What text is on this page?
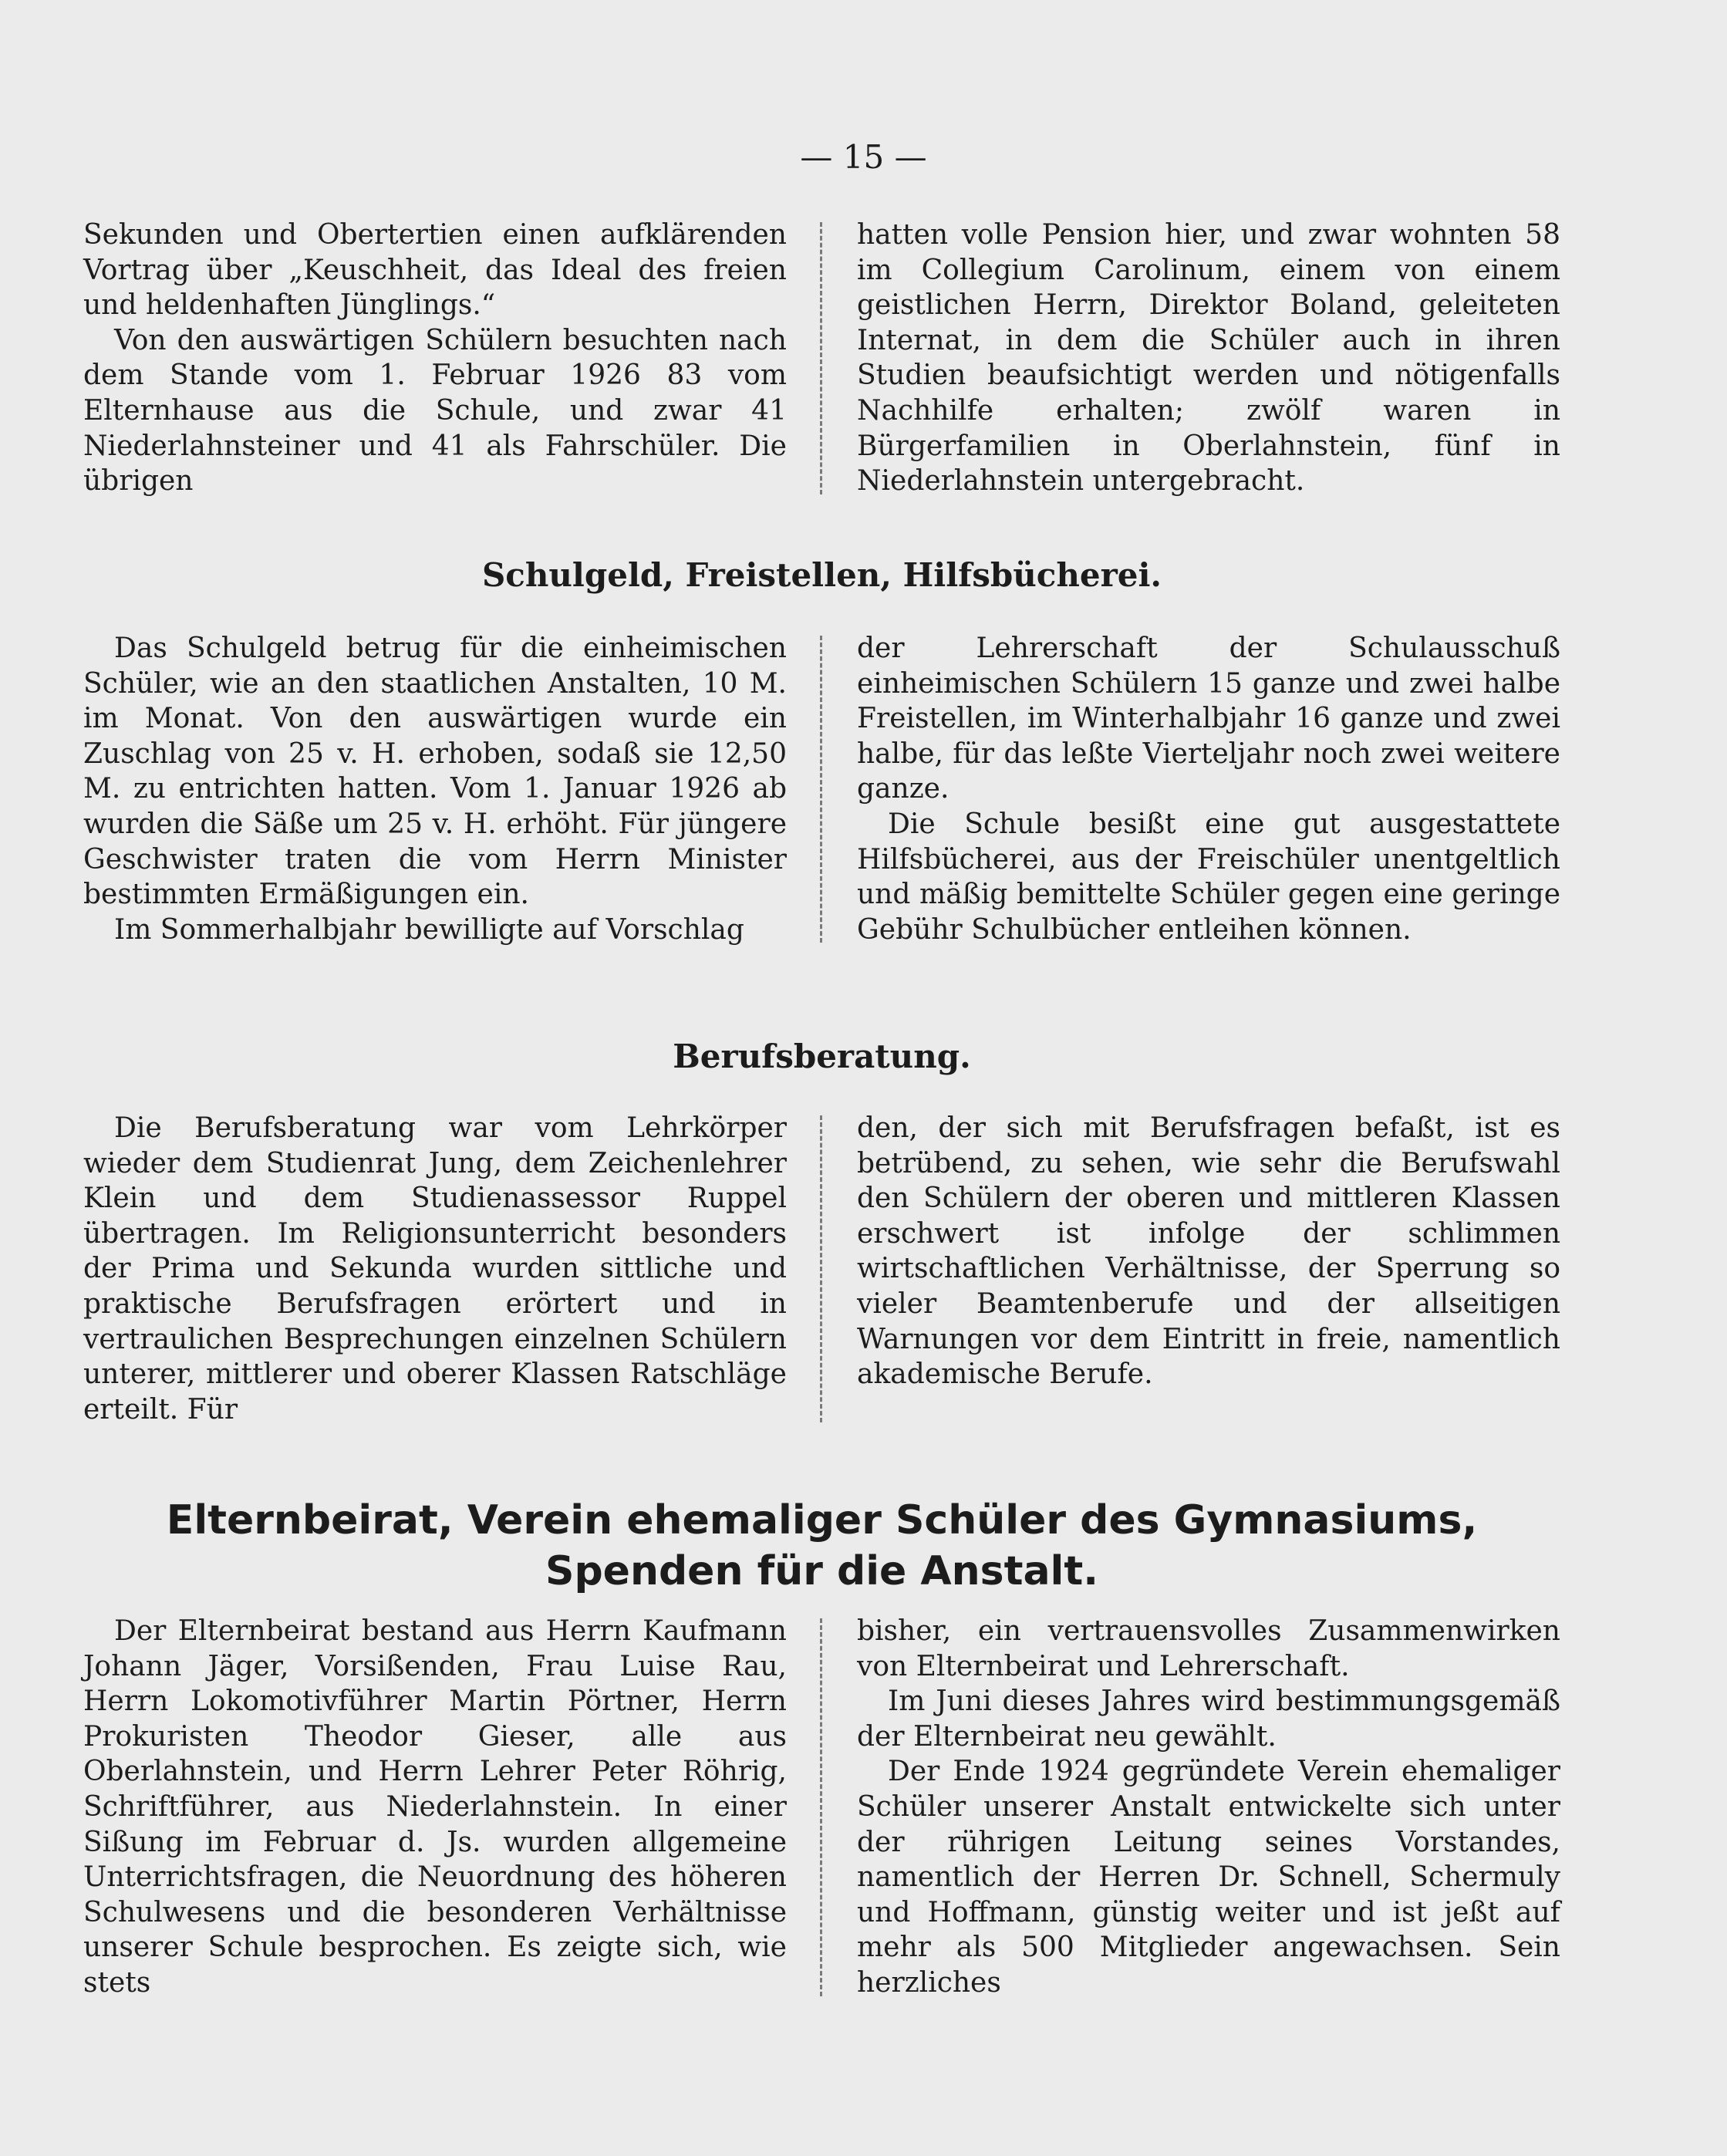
— 15 —

Sekunden und Obertertien einen aufklärenden Vortrag über „Keuschheit, das Ideal des freien und heldenhaften Jünglings.“

Von den auswärtigen Schülern besuchten nach dem Stande vom 1. Februar 1926 83 vom Elternhause aus die Schule, und zwar 41 Niederlahnsteiner und 41 als Fahrschüler. Die übrigen

hatten volle Pension hier, und zwar wohnten 58 im Collegium Carolinum, einem von einem geistlichen Herrn, Direktor Boland, geleiteten Internat, in dem die Schüler auch in ihren Studien beaufsichtigt werden und nötigenfalls Nachhilfe erhalten; zwölf waren in Bürgerfamilien in Oberlahnstein, fünf in Niederlahnstein untergebracht.

Schulgeld, Freistellen, Hilfsbücherei.

Das Schulgeld betrug für die einheimischen Schüler, wie an den staatlichen Anstalten, 10 M. im Monat. Von den auswärtigen wurde ein Zuschlag von 25 v. H. erhoben, sodaß sie 12,50 M. zu entrichten hatten. Vom 1. Januar 1926 ab wurden die Säße um 25 v. H. erhöht. Für jüngere Geschwister traten die vom Herrn Minister bestimmten Ermäßigungen ein.

Im Sommerhalbjahr bewilligte auf Vorschlag

der Lehrerschaft der Schulausschuß einheimischen Schülern 15 ganze und zwei halbe Freistellen, im Winterhalbjahr 16 ganze und zwei halbe, für das leßte Vierteljahr noch zwei weitere ganze.

Die Schule besißt eine gut ausgestattete Hilfsbücherei, aus der Freischüler unentgeltlich und mäßig bemittelte Schüler gegen eine geringe Gebühr Schulbücher entleihen können.

Berufsberatung.

Die Berufsberatung war vom Lehrkörper wieder dem Studienrat Jung, dem Zeichenlehrer Klein und dem Studienassessor Ruppel übertragen. Im Religionsunterricht besonders der Prima und Sekunda wurden sittliche und praktische Berufsfragen erörtert und in vertraulichen Besprechungen einzelnen Schülern unterer, mittlerer und oberer Klassen Ratschläge erteilt. Für

den, der sich mit Berufsfragen befaßt, ist es betrübend, zu sehen, wie sehr die Berufswahl den Schülern der oberen und mittleren Klassen erschwert ist infolge der schlimmen wirtschaftlichen Verhältnisse, der Sperrung so vieler Beamtenberufe und der allseitigen Warnungen vor dem Eintritt in freie, namentlich akademische Berufe.

Elternbeirat, Verein ehemaliger Schüler des Gymnasiums,
Spenden für die Anstalt.

Der Elternbeirat bestand aus Herrn Kaufmann Johann Jäger, Vorsißenden, Frau Luise Rau, Herrn Lokomotivführer Martin Pörtner, Herrn Prokuristen Theodor Gieser, alle aus Oberlahnstein, und Herrn Lehrer Peter Röhrig, Schriftführer, aus Niederlahnstein. In einer Sißung im Februar d. Js. wurden allgemeine Unterrichtsfragen, die Neuordnung des höheren Schulwesens und die besonderen Verhältnisse unserer Schule besprochen. Es zeigte sich, wie stets

bisher, ein vertrauensvolles Zusammenwirken von Elternbeirat und Lehrerschaft.

Im Juni dieses Jahres wird bestimmungsgemäß der Elternbeirat neu gewählt.

Der Ende 1924 gegründete Verein ehemaliger Schüler unserer Anstalt entwickelte sich unter der rührigen Leitung seines Vorstandes, namentlich der Herren Dr. Schnell, Schermuly und Hoffmann, günstig weiter und ist jeßt auf mehr als 500 Mitglieder angewachsen. Sein herzliches
